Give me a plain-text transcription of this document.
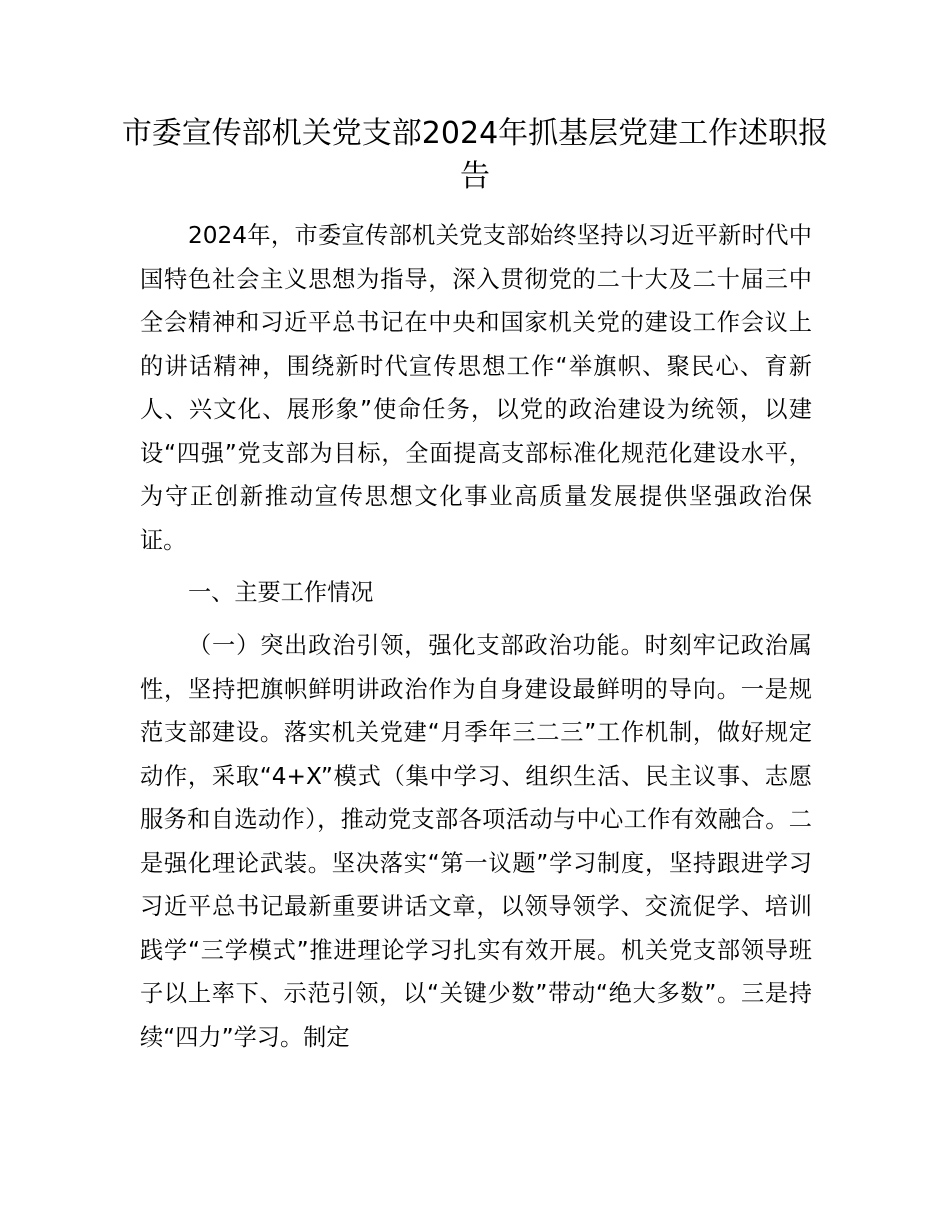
市委宣传部机关党支部2024年抓基层党建工作述职报告

2024年，市委宣传部机关党支部始终坚持以习近平新时代中国特色社会主义思想为指导，深入贯彻党的二十大及二十届三中全会精神和习近平总书记在中央和国家机关党的建设工作会议上的讲话精神，围绕新时代宣传思想工作“举旗帜、聚民心、育新人、兴文化、展形象”使命任务，以党的政治建设为统领，以建设“四强”党支部为目标，全面提高支部标准化规范化建设水平，为守正创新推动宣传思想文化事业高质量发展提供坚强政治保证。

一、主要工作情况

（一）突出政治引领，强化支部政治功能。时刻牢记政治属性，坚持把旗帜鲜明讲政治作为自身建设最鲜明的导向。一是规范支部建设。落实机关党建“月季年三二三”工作机制，做好规定动作，采取“4+X”模式（集中学习、组织生活、民主议事、志愿服务和自选动作），推动党支部各项活动与中心工作有效融合。二是强化理论武装。坚决落实“第一议题”学习制度，坚持跟进学习习近平总书记最新重要讲话文章，以领导领学、交流促学、培训践学“三学模式”推进理论学习扎实有效开展。机关党支部领导班子以上率下、示范引领，以“关键少数”带动“绝大多数”。三是持续“四力”学习。制定
